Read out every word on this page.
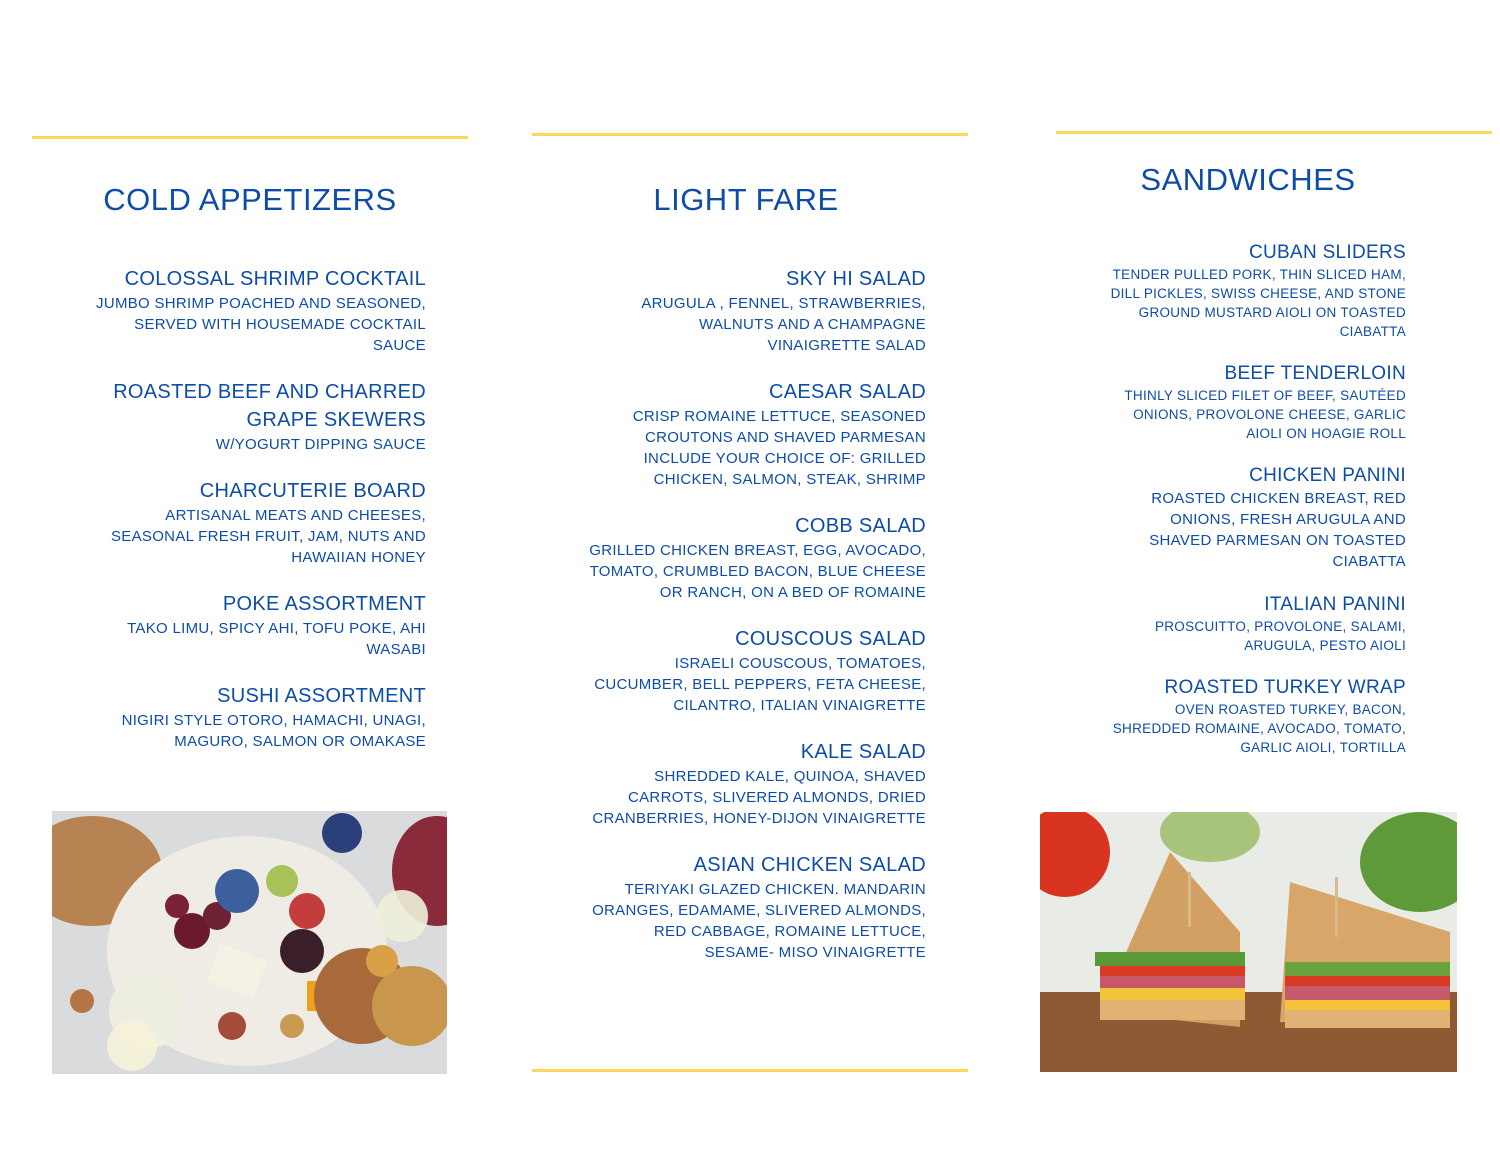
COLD APPETIZERS
COLOSSAL SHRIMP COCKTAIL
JUMBO SHRIMP POACHED AND SEASONED,
SERVED WITH HOUSEMADE COCKTAIL
SAUCE
ROASTED BEEF AND CHARRED
GRAPE SKEWERS
W/YOGURT DIPPING SAUCE
CHARCUTERIE BOARD
ARTISANAL MEATS AND CHEESES,
SEASONAL FRESH FRUIT, JAM, NUTS AND
HAWAIIAN HONEY
POKE ASSORTMENT
TAKO LIMU, SPICY AHI, TOFU POKE, AHI
WASABI
SUSHI ASSORTMENT
NIGIRI STYLE OTORO, HAMACHI, UNAGI,
MAGURO, SALMON OR OMAKASE
LIGHT FARE
SKY HI SALAD
ARUGULA , FENNEL, STRAWBERRIES,
WALNUTS AND A CHAMPAGNE
VINAIGRETTE SALAD
CAESAR SALAD
CRISP ROMAINE LETTUCE, SEASONED
CROUTONS AND SHAVED PARMESAN
INCLUDE YOUR CHOICE OF: GRILLED
CHICKEN, SALMON, STEAK, SHRIMP
COBB SALAD
GRILLED CHICKEN BREAST, EGG, AVOCADO,
TOMATO, CRUMBLED BACON, BLUE CHEESE
OR RANCH, ON A BED OF ROMAINE
COUSCOUS SALAD
ISRAELI COUSCOUS, TOMATOES,
CUCUMBER, BELL PEPPERS, FETA CHEESE,
CILANTRO, ITALIAN VINAIGRETTE
KALE SALAD
SHREDDED KALE, QUINOA, SHAVED
CARROTS, SLIVERED ALMONDS, DRIED
CRANBERRIES, HONEY-DIJON VINAIGRETTE
ASIAN CHICKEN SALAD
TERIYAKI GLAZED CHICKEN. MANDARIN
ORANGES, EDAMAME, SLIVERED ALMONDS,
RED CABBAGE, ROMAINE LETTUCE,
SESAME- MISO VINAIGRETTE
SANDWICHES
CUBAN SLIDERS
TENDER PULLED PORK, THIN SLICED HAM,
DILL PICKLES, SWISS CHEESE, AND STONE
GROUND MUSTARD AIOLI ON TOASTED
CIABATTA
BEEF TENDERLOIN
THINLY SLICED FILET OF BEEF, SAUTÉED
ONIONS, PROVOLONE CHEESE, GARLIC
AIOLI ON HOAGIE ROLL
CHICKEN PANINI
ROASTED CHICKEN BREAST, RED
ONIONS, FRESH ARUGULA AND
SHAVED PARMESAN ON TOASTED
CIABATTA
ITALIAN PANINI
PROSCUITTO, PROVOLONE, SALAMI,
ARUGULA, PESTO AIOLI
ROASTED TURKEY WRAP
OVEN ROASTED TURKEY, BACON,
SHREDDED ROMAINE, AVOCADO, TOMATO,
GARLIC AIOLI, TORTILLA
